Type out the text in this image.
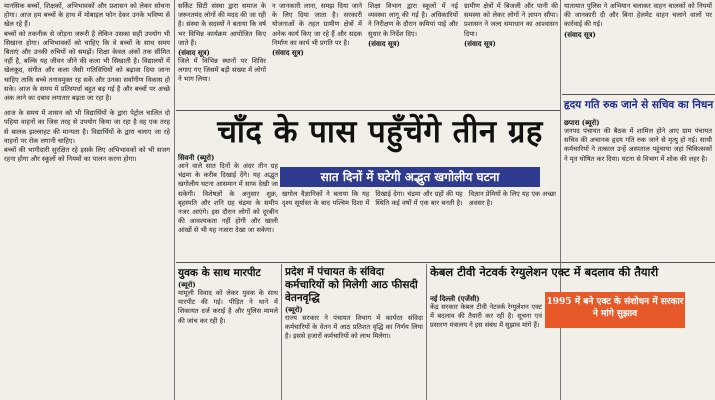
मानसिक बच्चों, शिक्षकों, अभिभावकों और प्रशासन को लेकर सोचना होगा। आज हम बच्चों के हाथ में मोबाइल फोन देकर उनके भविष्य से खेल रहे हैं।

बच्चों को तकनीक से जोड़ना जरूरी है लेकिन उसका सही उपयोग भी सिखाना होगा। अभिभावकों को चाहिए कि वे बच्चों के साथ समय बिताएं और उनकी रुचियों को समझें। शिक्षा केवल अंकों तक सीमित नहीं है, बल्कि यह जीवन जीने की कला भी सिखाती है। विद्यालयों में खेलकूद, संगीत और कला जैसी गतिविधियों को बढ़ावा दिया जाना चाहिए ताकि बच्चे तनावमुक्त रह सकें और उनका सर्वांगीण विकास हो सके। आज के समय में प्रतिस्पर्धा बहुत बढ़ गई है और बच्चों पर अच्छे अंक लाने का दबाव लगातार बढ़ता जा रहा है।

आज के समय में शासन को भी विद्यार्थियों के द्वारा पेट्रोल चालित दो पहिया वाहनों का जिस तरह से उपयोग किया जा रहा है वह एक तरह से बालक झल्लाहट की मान्यता है। विद्यार्थियों के द्वारा चलाए जा रहे वाहनों पर रोक लगानी चाहिए।

बच्चों की भागीदारी सुरक्षित रहे इसके लिए अभिभावकों को भी सजग रहना होगा और स्कूलों को नियमों का पालन करना होगा।

सर्किट सिटी संस्था द्वारा समाज के जरूरतमंद लोगों की मदद की जा रही है। संस्था के सदस्यों ने बताया कि वर्ष भर विभिन्न कार्यक्रम आयोजित किए जाते हैं।

(संवाद सूत्र)

जिले में विभिन्न स्थानों पर शिविर लगाए गए जिसमें बड़ी संख्या में लोगों ने भाग लिया।

न जानकारी लाना, समझ दिया जाने के लिए दिया जाता है। सरकारी योजनाओं के तहत ग्रामीण क्षेत्रों में अनेक कार्य किए जा रहे हैं और सड़क निर्माण का कार्य भी प्रगति पर है।

(संवाद सूत्र)

शिक्षा विभाग द्वारा स्कूलों में नई व्यवस्था लागू की गई है। अधिकारियों ने निरीक्षण के दौरान कमियां पाई और सुधार के निर्देश दिए।

(संवाद सूत्र)

ग्रामीण क्षेत्रों में बिजली और पानी की समस्या को लेकर लोगों ने ज्ञापन सौंपा। प्रशासन ने जल्द समाधान का आश्वासन दिया।

(संवाद सूत्र)

यातायात पुलिस ने अभियान चलाकर वाहन चालकों को नियमों की जानकारी दी और बिना हेलमेट वाहन चलाने वालों पर कार्रवाई की गई।

(संवाद सूत्र)

चाँद के पास पहुँचेंगे तीन ग्रह

सिवनी (ब्यूरो)

आने वाले सात दिनों के अंदर तीन ग्रह चंद्रमा के करीब दिखाई देंगे। यह अद्भुत खगोलीय घटना आसमान में साफ देखी जा सकेगी। विशेषज्ञों के अनुसार शुक्र, बृहस्पति और शनि ग्रह चंद्रमा के समीप नजर आएंगे। इस दौरान लोगों को दूरबीन की आवश्यकता नहीं होगी और खाली आंखों से भी यह नजारा देखा जा सकेगा।

सात दिनों में घटेगी अद्भुत खगोलीय घटना

खगोल वैज्ञानिकों ने बताया कि यह दृश्य सूर्यास्त के बाद पश्चिम दिशा में दिखाई देगा। चंद्रमा और ग्रहों की यह स्थिति कई वर्षों में एक बार बनती है। विज्ञान प्रेमियों के लिए यह एक अच्छा अवसर है।

हृदय गति रुक जाने से सचिव का निधन

छपारा (ब्यूरो)

जनपद पंचायत की बैठक में शामिल होने आए ग्राम पंचायत सचिव की अचानक हृदय गति रुक जाने से मृत्यु हो गई। साथी कर्मचारियों ने तत्काल उन्हें अस्पताल पहुंचाया जहां चिकित्सकों ने मृत घोषित कर दिया। घटना से विभाग में शोक की लहर है।

युवक के साथ मारपीट

(ब्यूरो)

मामूली विवाद को लेकर युवक के साथ मारपीट की गई। पीड़ित ने थाने में शिकायत दर्ज कराई है और पुलिस मामले की जांच कर रही है।

प्रदेश में पंचायत के संविदा कर्मचारियों को मिलेगी आठ फीसदी वेतनवृद्धि

(ब्यूरो)

राज्य सरकार ने पंचायत विभाग में कार्यरत संविदा कर्मचारियों के वेतन में आठ प्रतिशत वृद्धि का निर्णय लिया है। इससे हजारों कर्मचारियों को लाभ मिलेगा।

केबल टीवी नेटवर्क रेग्युलेशन एक्ट में बदलाव की तैयारी

नई दिल्ली (एजेंसी)

केंद्र सरकार केबल टीवी नेटवर्क रेग्युलेशन एक्ट में बदलाव की तैयारी कर रही है। सूचना एवं प्रसारण मंत्रालय ने इस संबंध में सुझाव मांगे हैं।

1995 में बने एक्ट के संशोधन में सरकार ने मांगे सुझाव
